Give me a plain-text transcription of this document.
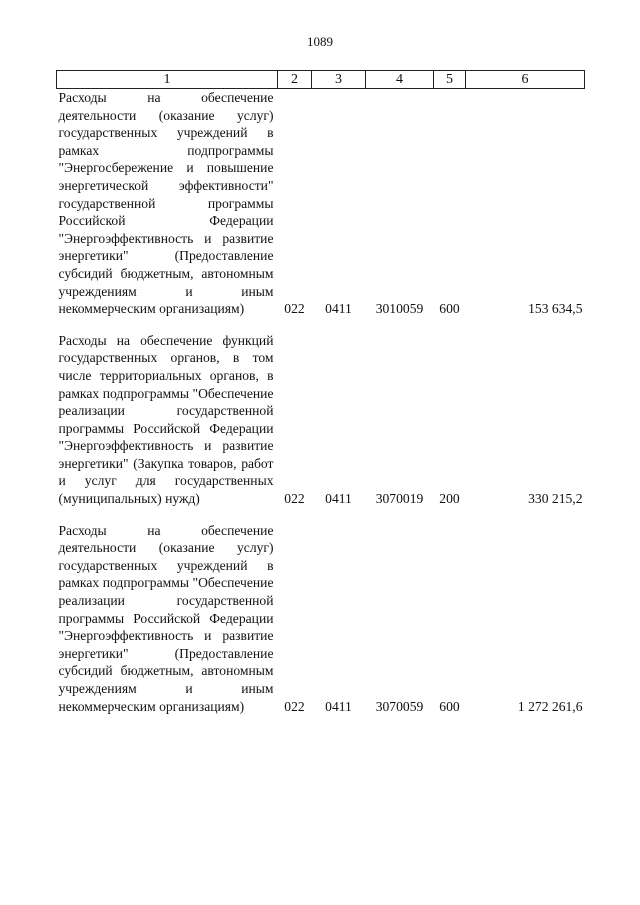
1089
1	2	3	4	5	6
Расходы на обеспечение деятельности (оказание услуг) государственных учреждений в рамках подпрограммы "Энергосбережение и повышение энергетической эффективности" государственной программы Российской Федерации "Энергоэффективность и развитие энергетики" (Предоставление субсидий бюджетным, автономным учреждениям и иным некоммерческим организациям)	022	0411	3010059	600	153 634,5
Расходы на обеспечение функций государственных органов, в том числе территориальных органов, в рамках подпрограммы "Обеспечение реализации государственной программы Российской Федерации "Энергоэффективность и развитие энергетики" (Закупка товаров, работ и услуг для государственных (муниципальных) нужд)	022	0411	3070019	200	330 215,2
Расходы на обеспечение деятельности (оказание услуг) государственных учреждений в рамках подпрограммы "Обеспечение реализации государственной программы Российской Федерации "Энергоэффективность и развитие энергетики" (Предоставление субсидий бюджетным, автономным учреждениям и иным некоммерческим организациям)	022	0411	3070059	600	1 272 261,6
